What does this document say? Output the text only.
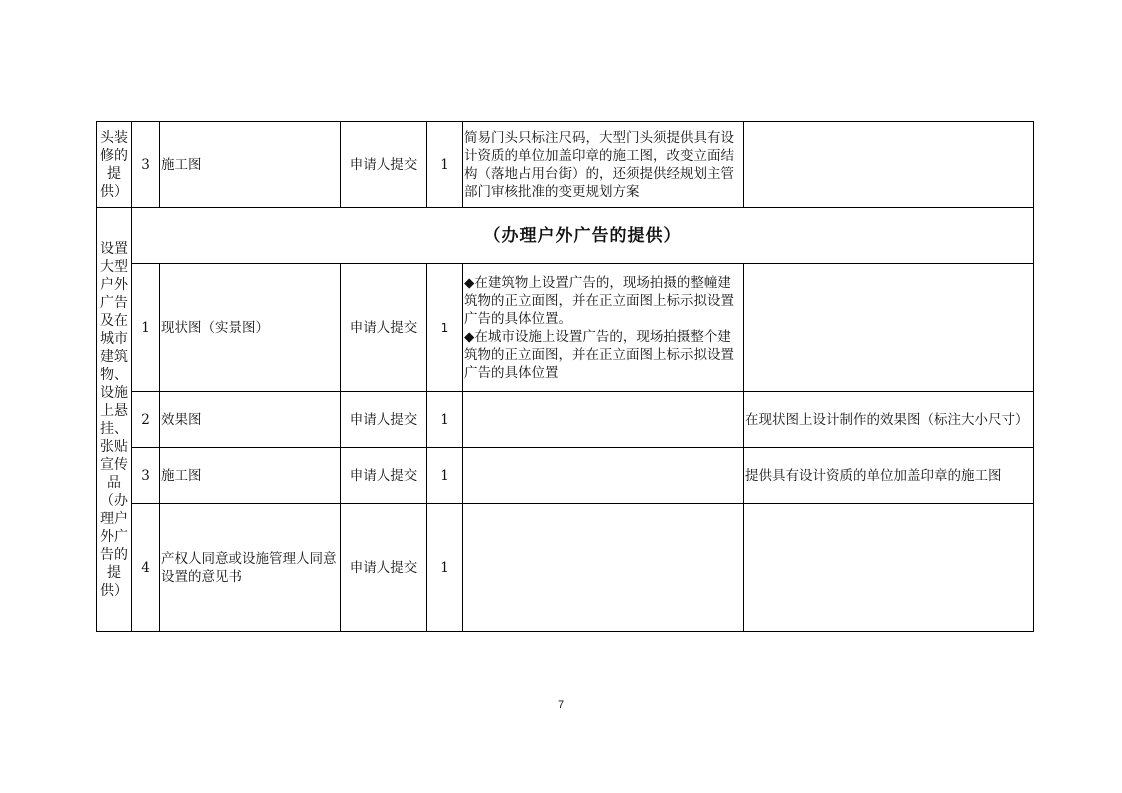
头装修的提供）	3	施工图	申请人提交	1	简易门头只标注尺码，大型门头须提供具有设计资质的单位加盖印章的施工图，改变立面结构（落地占用台街）的，还须提供经规划主管部门审核批准的变更规划方案	
设置大型户外广告及在城市建筑物、设施上悬挂、张贴宣传品（办理户外广告的提供）	（办理户外广告的提供）					
	1	现状图（实景图）	申请人提交	1	◆在建筑物上设置广告的，现场拍摄的整幢建筑物的正立面图，并在正立面图上标示拟设置广告的具体位置。
◆在城市设施上设置广告的，现场拍摄整个建筑物的正立面图，并在正立面图上标示拟设置广告的具体位置	

	2	效果图	申请人提交	1		在现状图上设计制作的效果图（标注大小尺寸）
	3	施工图	申请人提交	1		提供具有设计资质的单位加盖印章的施工图
	4	产权人同意或设施管理人同意设置的意见书	申请人提交	1		
7
